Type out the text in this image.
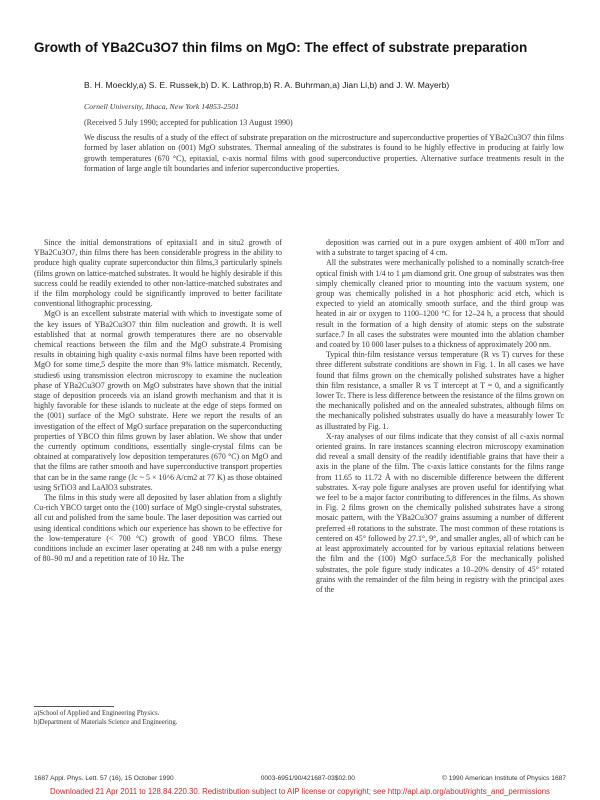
Growth of YBa2Cu3O7 thin films on MgO: The effect of substrate preparation
B. H. Moeckly,a) S. E. Russek,b) D. K. Lathrop,b) R. A. Buhrman,a) Jian Li,b) and J. W. Mayerb)
Cornell University, Ithaca, New York 14853-2501
(Received 5 July 1990; accepted for publication 13 August 1990)

We discuss the results of a study of the effect of substrate preparation on the microstructure and superconductive properties of YBa2Cu3O7 thin films formed by laser ablation on (001) MgO substrates. Thermal annealing of the substrates is found to be highly effective in producing at fairly low growth temperatures (670 °C), epitaxial, c-axis normal films with good superconductive properties. Alternative surface treatments result in the formation of large angle tilt boundaries and inferior superconductive properties.

Since the initial demonstrations of epitaxial1 and in situ2 growth of YBa2Cu3O7, thin films there has been considerable progress in the ability to produce high quality cuprate superconductor thin films,3 particularly spinels (films grown on lattice-matched substrates. It would be highly desirable if this success could be readily extended to other non-lattice-matched substrates and if the film morphology could be significantly improved to better facilitate conventional lithographic processing.

MgO is an excellent substrate material with which to investigate some of the key issues of YBa2Cu3O7 thin film nucleation and growth. It is well established that at normal growth temperatures there are no observable chemical reactions between the film and the MgO substrate.4 Promising results in obtaining high quality c-axis normal films have been reported with MgO for some time,5 despite the more than 9% lattice mismatch. Recently, studies6 using transmission electron microscopy to examine the nucleation phase of YBa2Cu3O7 growth on MgO substrates have shown that the initial stage of deposition proceeds via an island growth mechanism and that it is highly favorable for these islands to nucleate at the edge of steps formed on the (001) surface of the MgO substrate. Here we report the results of an investigation of the effect of MgO surface preparation on the superconducting properties of YBCO thin films grown by laser ablation. We show that under the currently optimum conditions, essentially single-crystal films can be obtained at comparatively low deposition temperatures (670 °C) on MgO and that the films are rather smooth and have superconductive transport properties that can be in the same range (Jc ~ 5 × 10^6 A/cm2 at 77 K) as those obtained using SrTiO3 and LaAlO3 substrates.

The films in this study were all deposited by laser ablation from a slightly Cu-rich YBCO target onto the (100) surface of MgO single-crystal substrates, all cut and polished from the same boule. The laser deposition was carried out using identical conditions which our experience has shown to be effective for the low-temperature (< 700 °C) growth of good YBCO films. These conditions include an excimer laser operating at 248 nm with a pulse energy of 80–90 mJ and a repetition rate of 10 Hz. The

deposition was carried out in a pure oxygen ambient of 400 mTorr and with a substrate to target spacing of 4 cm.

All the substrates were mechanically polished to a nominally scratch-free optical finish with 1/4 to 1 μm diamond grit. One group of substrates was then simply chemically cleaned prior to mounting into the vacuum system, one group was chemically polished in a hot phosphoric acid etch, which is expected to yield an atomically smooth surface, and the third group was heated in air or oxygen to 1100–1200 °C for 12–24 h, a process that should result in the formation of a high density of atomic steps on the substrate surface.7 In all cases the substrates were mounted into the ablation chamber and coated by 10 000 laser pulses to a thickness of approximately 200 nm.

Typical thin-film resistance versus temperature (R vs T) curves for these three different substrate conditions are shown in Fig. 1. In all cases we have found that films grown on the chemically polished substrates have a higher thin film resistance, a smaller R vs T intercept at T = 0, and a significantly lower Tc. There is less difference between the resistance of the films grown on the mechanically polished and on the annealed substrates, although films on the mechanically polished substrates usually do have a measurably lower Tc as illustrated by Fig. 1.

X-ray analyses of our films indicate that they consist of all c-axis normal oriented grains. In rare instances scanning electron microscopy examination did reveal a small density of the readily identifiable grains that have their a axis in the plane of the film. The c-axis lattice constants for the films range from 11.65 to 11.72 Å with no discernible difference between the different substrates. X-ray pole figure analyses are proven useful for identifying what we feel to be a major factor contributing to differences in the films. As shown in Fig. 2 films grown on the chemically polished substrates have a strong mosaic pattern, with the YBa2Cu3O7 grains assuming a number of different preferred ±θ rotations to the substrate. The most common of these rotations is centered on 45° followed by 27.1°, 9°, and smaller angles, all of which can be at least approximately accounted for by various epitaxial relations between the film and the (100) MgO surface.5,8 For the mechanically polished substrates, the pole figure study indicates a 10–20% density of 45° rotated grains with the remainder of the film being in registry with the principal axes of the

a)School of Applied and Engineering Physics.
b)Department of Materials Science and Engineering.
1687 Appl. Phys. Lett. 57 (16), 15 October 1990	0003-6951/90/421687-03$02.00	© 1990 American Institute of Physics 1687
Downloaded 21 Apr 2011 to 128.84.220.30. Redistribution subject to AIP license or copyright; see http://apl.aip.org/about/rights_and_permissions
